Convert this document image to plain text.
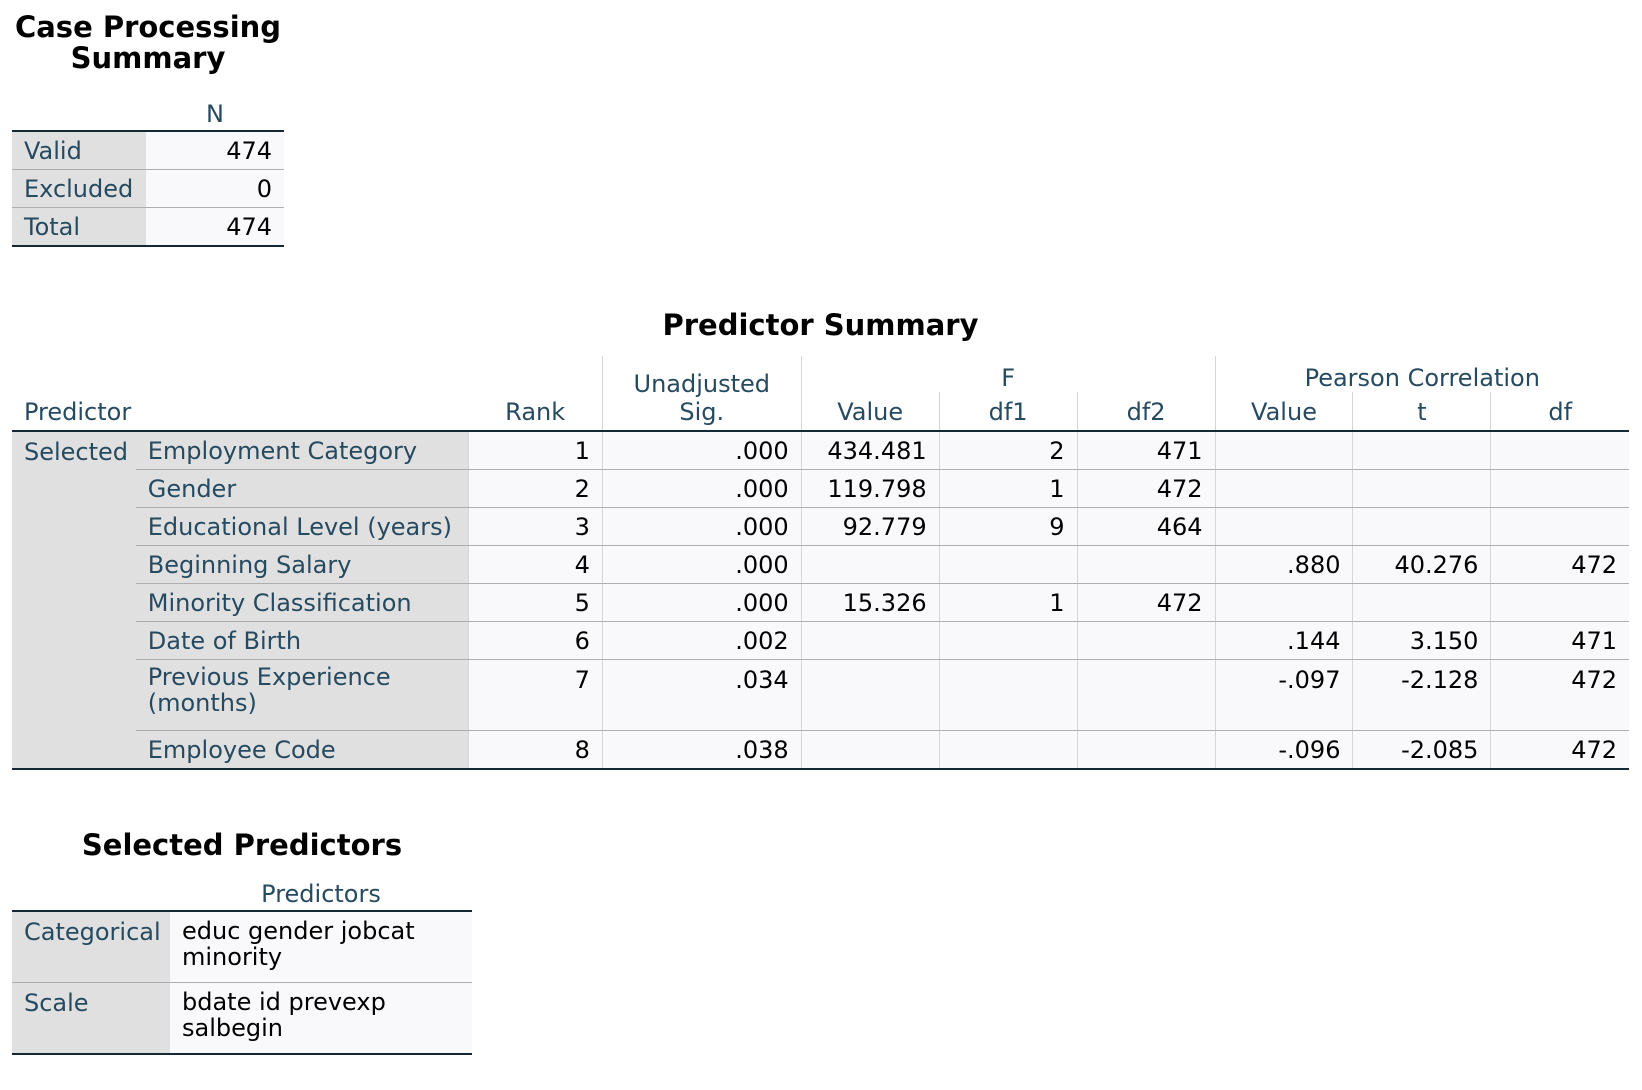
Case Processing Summary
	N
Valid	474
Excluded	0
Total	474
Predictor Summary
			Unadjusted Sig.	F			Pearson Correlation		
Predictor		Rank		Value	df1	df2	Value	t	df
Selected	Employment Category	1	.000	434.481	2	471			
	Gender	2	.000	119.798	1	472			
	Educational Level (years)	3	.000	92.779	9	464			
	Beginning Salary	4	.000				.880	40.276	472
	Minority Classification	5	.000	15.326	1	472			
	Date of Birth	6	.002				.144	3.150	471
	Previous Experience (months)	7	.034				-.097	-2.128	472
	Employee Code	8	.038				-.096	-2.085	472
Selected Predictors
	Predictors
Categorical	educ gender jobcat minority
Scale	bdate id prevexp salbegin
